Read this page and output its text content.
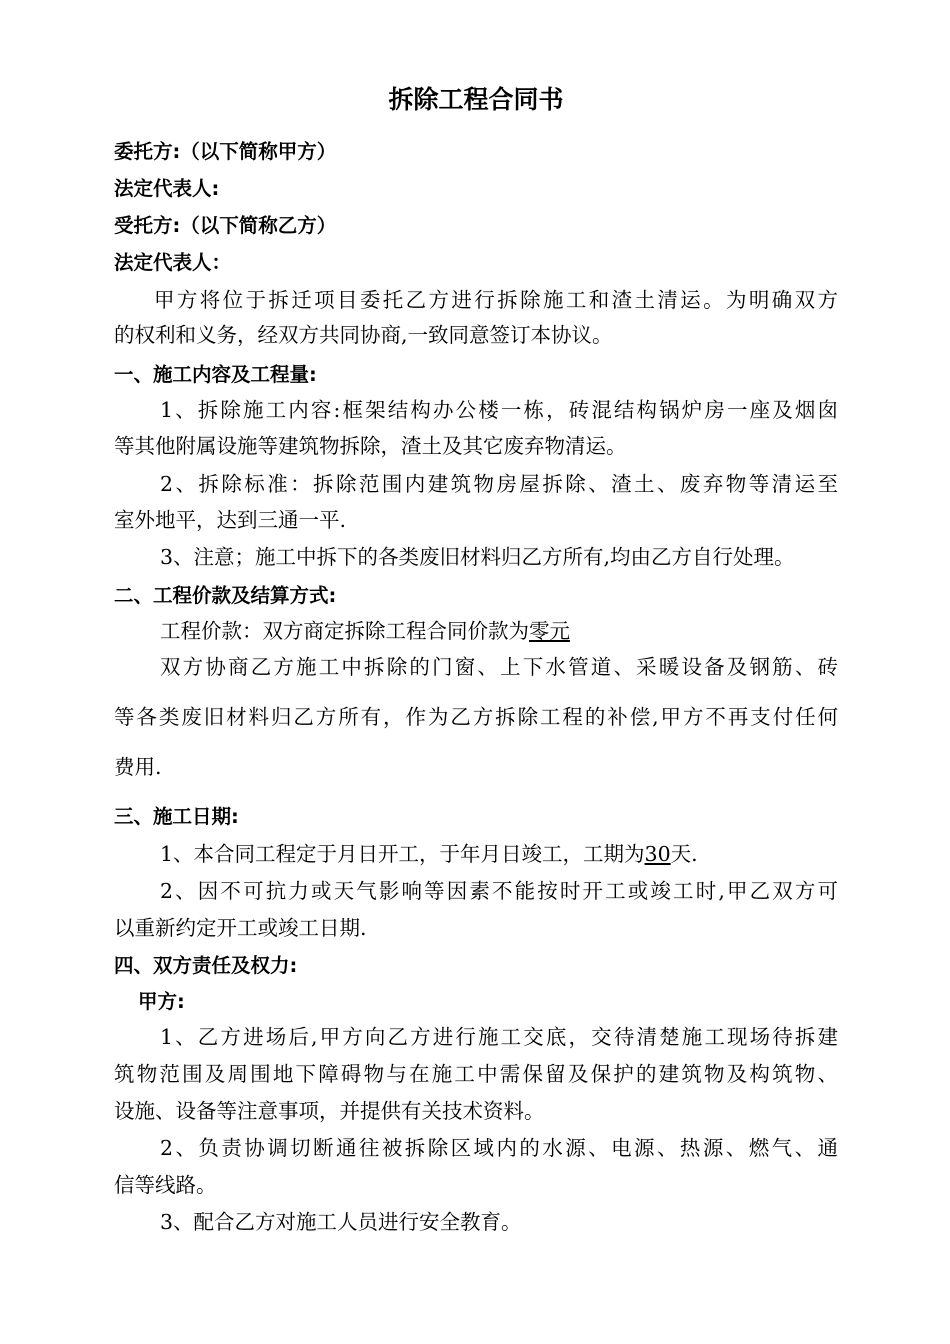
拆除工程合同书
委托方:（以下简称甲方）
法定代表人:
受托方:（以下简称乙方）
法定代表人：
甲方将位于拆迁项目委托乙方进行拆除施工和渣土清运。为明确双方
的权利和义务，经双方共同协商,一致同意签订本协议。
一、施工内容及工程量:
1、拆除施工内容:框架结构办公楼一栋，砖混结构锅炉房一座及烟囱
等其他附属设施等建筑物拆除，渣土及其它废弃物清运。
2、拆除标准：拆除范围内建筑物房屋拆除、渣土、废弃物等清运至
室外地平，达到三通一平.
3、注意；施工中拆下的各类废旧材料归乙方所有,均由乙方自行处理。
二、工程价款及结算方式:
工程价款：双方商定拆除工程合同价款为零元
双方协商乙方施工中拆除的门窗、上下水管道、采暖设备及钢筋、砖
等各类废旧材料归乙方所有，作为乙方拆除工程的补偿,甲方不再支付任何
费用.
三、施工日期:
1、本合同工程定于月日开工，于年月日竣工，工期为30天.
2、因不可抗力或天气影响等因素不能按时开工或竣工时,甲乙双方可
以重新约定开工或竣工日期.
四、双方责任及权力:
甲方:
1、乙方进场后,甲方向乙方进行施工交底，交待清楚施工现场待拆建
筑物范围及周围地下障碍物与在施工中需保留及保护的建筑物及构筑物、
设施、设备等注意事项，并提供有关技术资料。
2、负责协调切断通往被拆除区域内的水源、电源、热源、燃气、通
信等线路。
3、配合乙方对施工人员进行安全教育。
